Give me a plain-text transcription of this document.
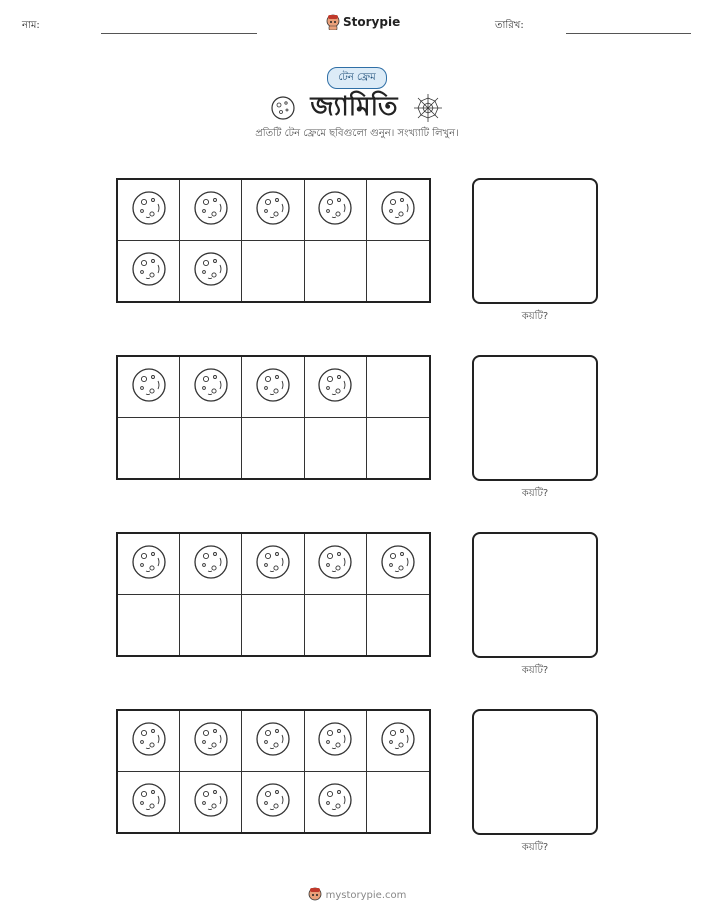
নাম:	Storypie	তারিখ:
টেন ফ্রেম
জ্যামিতি
প্রতিটি টেন ফ্রেমে ছবিগুলো গুনুন। সংখ্যাটি লিখুন।
কয়টি?
কয়টি?
কয়টি?
কয়টি?
mystorypie.com
